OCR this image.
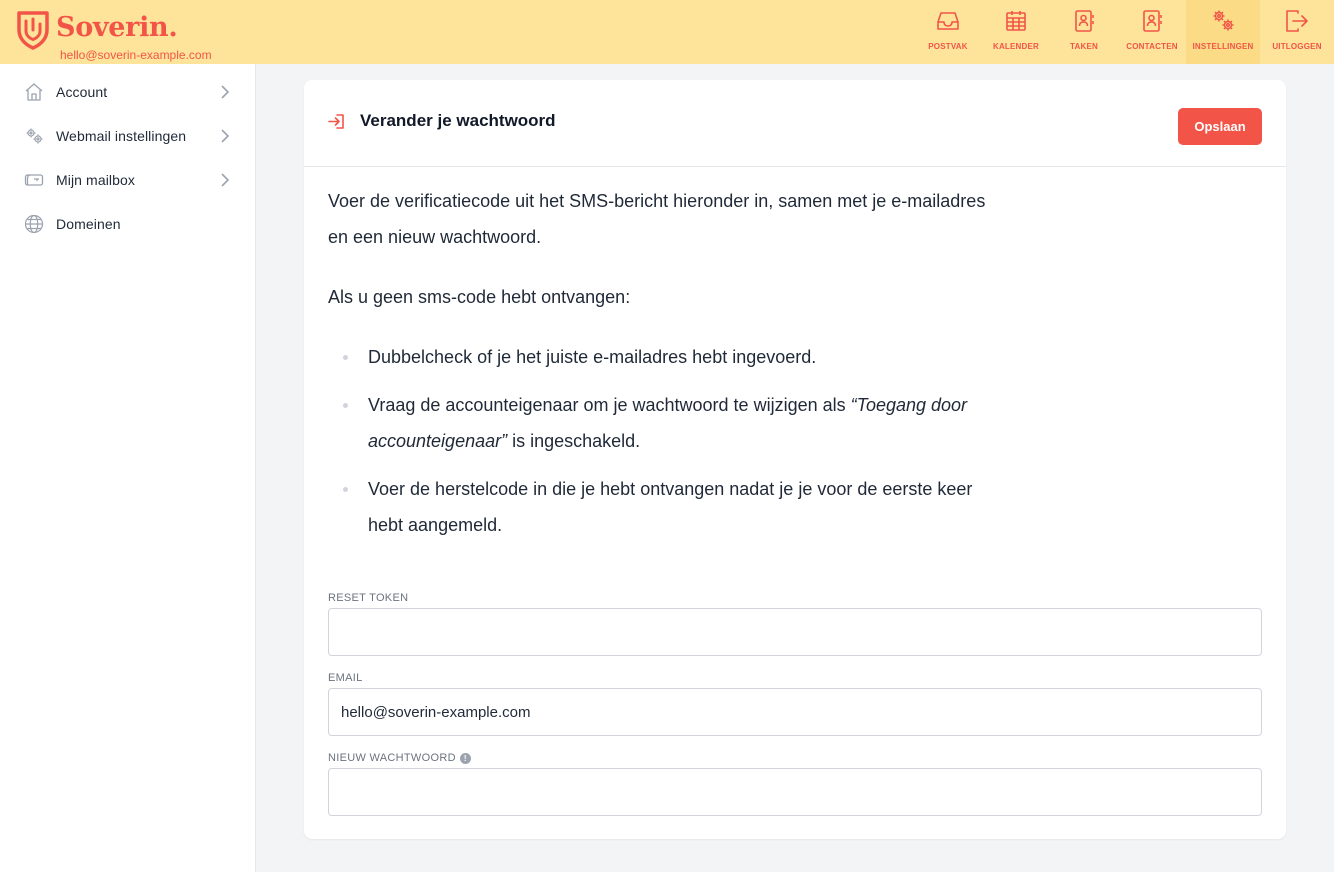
Soverin.
hello@soverin-example.com
POSTVAK	KALENDER	TAKEN	CONTACTEN INSTELLINGEN UITLOGGEN
Account
Webmail instellingen
Mijn mailbox
Domeinen
Verander je wachtwoord	Opslaan

Voer de verificatiecode uit het SMS-bericht hieronder in, samen met je e-mailadres en een nieuw wachtwoord.

Als u geen sms-code hebt ontvangen:

Dubbelcheck of je het juiste e-mailadres hebt ingevoerd.
Vraag de accounteigenaar om je wachtwoord te wijzigen als “Toegang door accounteigenaar” is ingeschakeld.
Voer de herstelcode in die je hebt ontvangen nadat je je voor de eerste keer hebt aangemeld.
RESET TOKEN
EMAIL
hello@soverin-example.com
NIEUW WACHTWOORD	!
